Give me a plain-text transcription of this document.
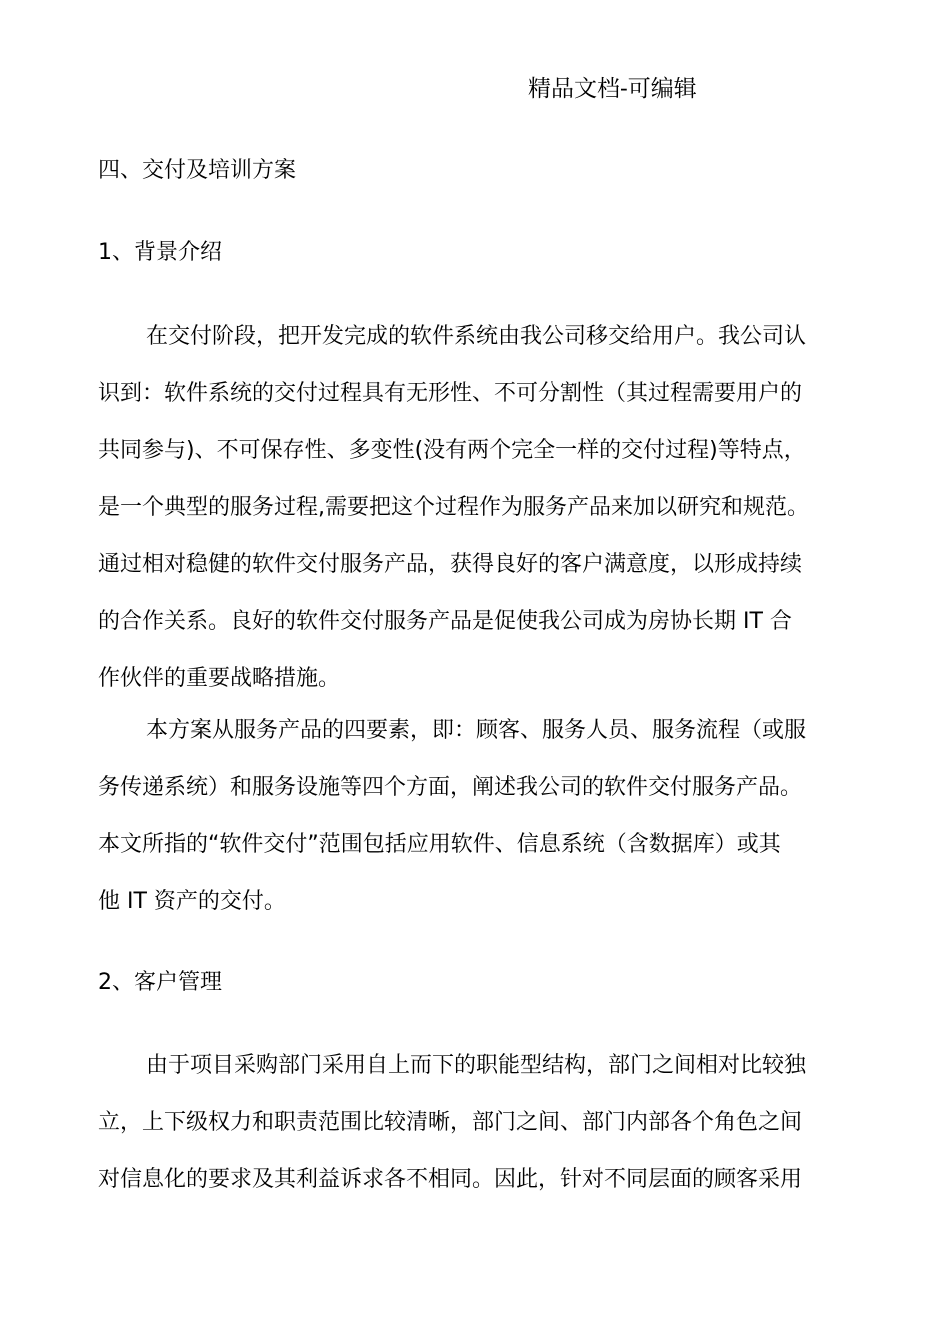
精品文档-可编辑
四、交付及培训方案
1、背景介绍
在交付阶段，把开发完成的软件系统由我公司移交给用户。我公司认
识到：软件系统的交付过程具有无形性、不可分割性（其过程需要用户的
共同参与)、不可保存性、多变性(没有两个完全一样的交付过程)等特点，
是一个典型的服务过程,需要把这个过程作为服务产品来加以研究和规范。
通过相对稳健的软件交付服务产品，获得良好的客户满意度，以形成持续
的合作关系。良好的软件交付服务产品是促使我公司成为房协长期 IT 合
作伙伴的重要战略措施。
本方案从服务产品的四要素，即：顾客、服务人员、服务流程（或服
务传递系统）和服务设施等四个方面，阐述我公司的软件交付服务产品。
本文所指的“软件交付”范围包括应用软件、信息系统（含数据库）或其
他 IT 资产的交付。
2、客户管理
由于项目采购部门采用自上而下的职能型结构，部门之间相对比较独
立，上下级权力和职责范围比较清晰，部门之间、部门内部各个角色之间
对信息化的要求及其利益诉求各不相同。因此，针对不同层面的顾客采用
